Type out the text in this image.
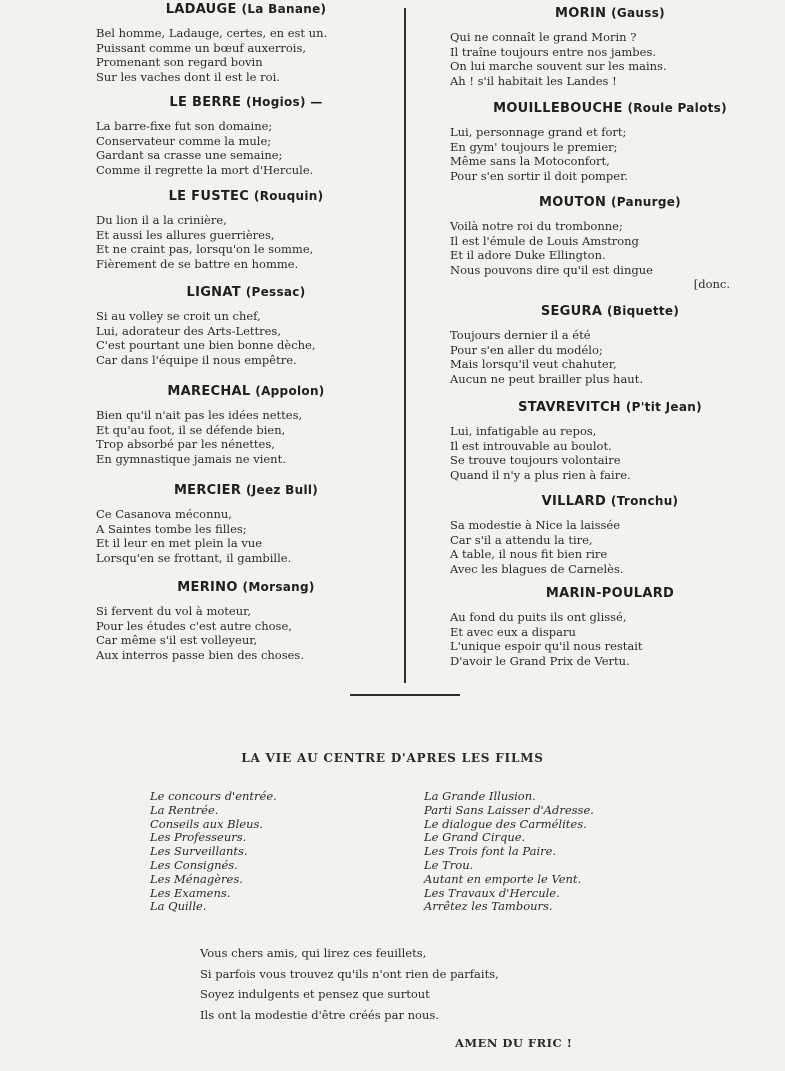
LADAUGE (La Banane)

Bel homme, Ladauge, certes, en est un.

Puissant comme un bœuf auxerrois,

Promenant son regard bovin

Sur les vaches dont il est le roi.

LE BERRE (Hogios) —

La barre-fixe fut son domaine;

Conservateur comme la mule;

Gardant sa crasse une semaine;

Comme il regrette la mort d'Hercule.

LE FUSTEC (Rouquin)

Du lion il a la crinière,

Et aussi les allures guerrières,

Et ne craint pas, lorsqu'on le somme,

Fièrement de se battre en homme.

LIGNAT (Pessac)

Si au volley se croit un chef,

Lui, adorateur des Arts-Lettres,

C'est pourtant une bien bonne dèche,

Car dans l'équipe il nous empêtre.

MARECHAL (Appolon)

Bien qu'il n'ait pas les idées nettes,

Et qu'au foot, il se défende bien,

Trop absorbé par les nénettes,

En gymnastique jamais ne vient.

MERCIER (Jeez Bull)

Ce Casanova méconnu,

A Saintes tombe les filles;

Et il leur en met plein la vue

Lorsqu'en se frottant, il gambille.

MERINO (Morsang)

Si fervent du vol à moteur,

Pour les études c'est autre chose,

Car même s'il est volleyeur,

Aux interros passe bien des choses.

MORIN (Gauss)

Qui ne connaît le grand Morin ?

Il traîne toujours entre nos jambes.

On lui marche souvent sur les mains.

Ah ! s'il habitait les Landes !

MOUILLEBOUCHE (Roule Palots)

Lui, personnage grand et fort;

En gym' toujours le premier;

Même sans la Motoconfort,

Pour s'en sortir il doit pomper.

MOUTON (Panurge)

Voilà notre roi du trombonne;

Il est l'émule de Louis Amstrong

Et il adore Duke Ellington.

Nous pouvons dire qu'il est dingue

[donc.

SEGURA (Biquette)

Toujours dernier il a été

Pour s'en aller du modélo;

Mais lorsqu'il veut chahuter,

Aucun ne peut brailler plus haut.

STAVREVITCH (P'tit Jean)

Lui, infatigable au repos,

Il est introuvable au boulot.

Se trouve toujours volontaire

Quand il n'y a plus rien à faire.

VILLARD (Tronchu)

Sa modestie à Nice la laissée

Car s'il a attendu la tire,

A table, il nous fit bien rire

Avec les blagues de Carnelès.

MARIN-POULARD

Au fond du puits ils ont glissé,

Et avec eux a disparu

L'unique espoir qu'il nous restait

D'avoir le Grand Prix de Vertu.

LA VIE AU CENTRE D'APRES LES FILMS
Le concours d'entrée.
La Rentrée.
Conseils aux Bleus.
Les Professeurs.
Les Surveillants.
Les Consignés.
Les Ménagères.
Les Examens.
La Quille.
La Grande Illusion.
Parti Sans Laisser d'Adresse.
Le dialogue des Carmélites.
Le Grand Cirque.
Les Trois font la Paire.
Le Trou.
Autant en emporte le Vent.
Les Travaux d'Hercule.
Arrêtez les Tambours.
Vous chers amis, qui lirez ces feuillets,
Si parfois vous trouvez qu'ils n'ont rien de parfaits,
Soyez indulgents et pensez que surtout
Ils ont la modestie d'être créés par nous.
AMEN DU FRIC !
